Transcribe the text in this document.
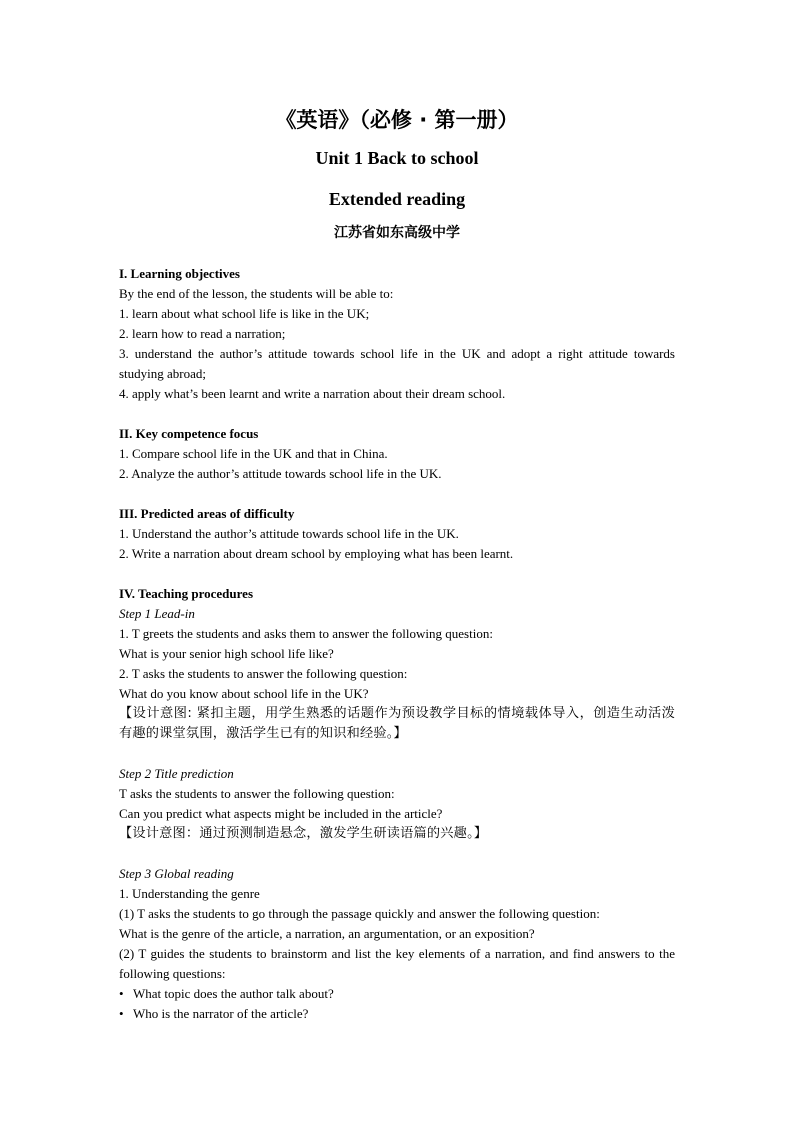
《英语》（必修 · 第一册）
Unit 1 Back to school
Extended reading
江苏省如东高级中学
I. Learning objectives
By the end of the lesson, the students will be able to:
1. learn about what school life is like in the UK;
2. learn how to read a narration;
3. understand the author’s attitude towards school life in the UK and adopt a right attitude towards studying abroad;
4. apply what’s been learnt and write a narration about their dream school.
II. Key competence focus
1. Compare school life in the UK and that in China.
2. Analyze the author’s attitude towards school life in the UK.
III. Predicted areas of difficulty
1. Understand the author’s attitude towards school life in the UK.
2. Write a narration about dream school by employing what has been learnt.
IV. Teaching procedures
Step 1 Lead-in
1. T greets the students and asks them to answer the following question:
What is your senior high school life like?
2. T asks the students to answer the following question:
What do you know about school life in the UK?
【设计意图: 紧扣主题，用学生熟悉的话题作为预设教学目标的情境载体导入，创造生动活泼有趣的课堂氛围，激活学生已有的知识和经验。】
Step 2 Title prediction
T asks the students to answer the following question:
Can you predict what aspects might be included in the article?
【设计意图：通过预测制造悬念，激发学生研读语篇的兴趣。】
Step 3 Global reading
1. Understanding the genre
(1) T asks the students to go through the passage quickly and answer the following question:
What is the genre of the article, a narration, an argumentation, or an exposition?
(2) T guides the students to brainstorm and list the key elements of a narration, and find answers to the following questions:
• What topic does the author talk about?
• Who is the narrator of the article?
